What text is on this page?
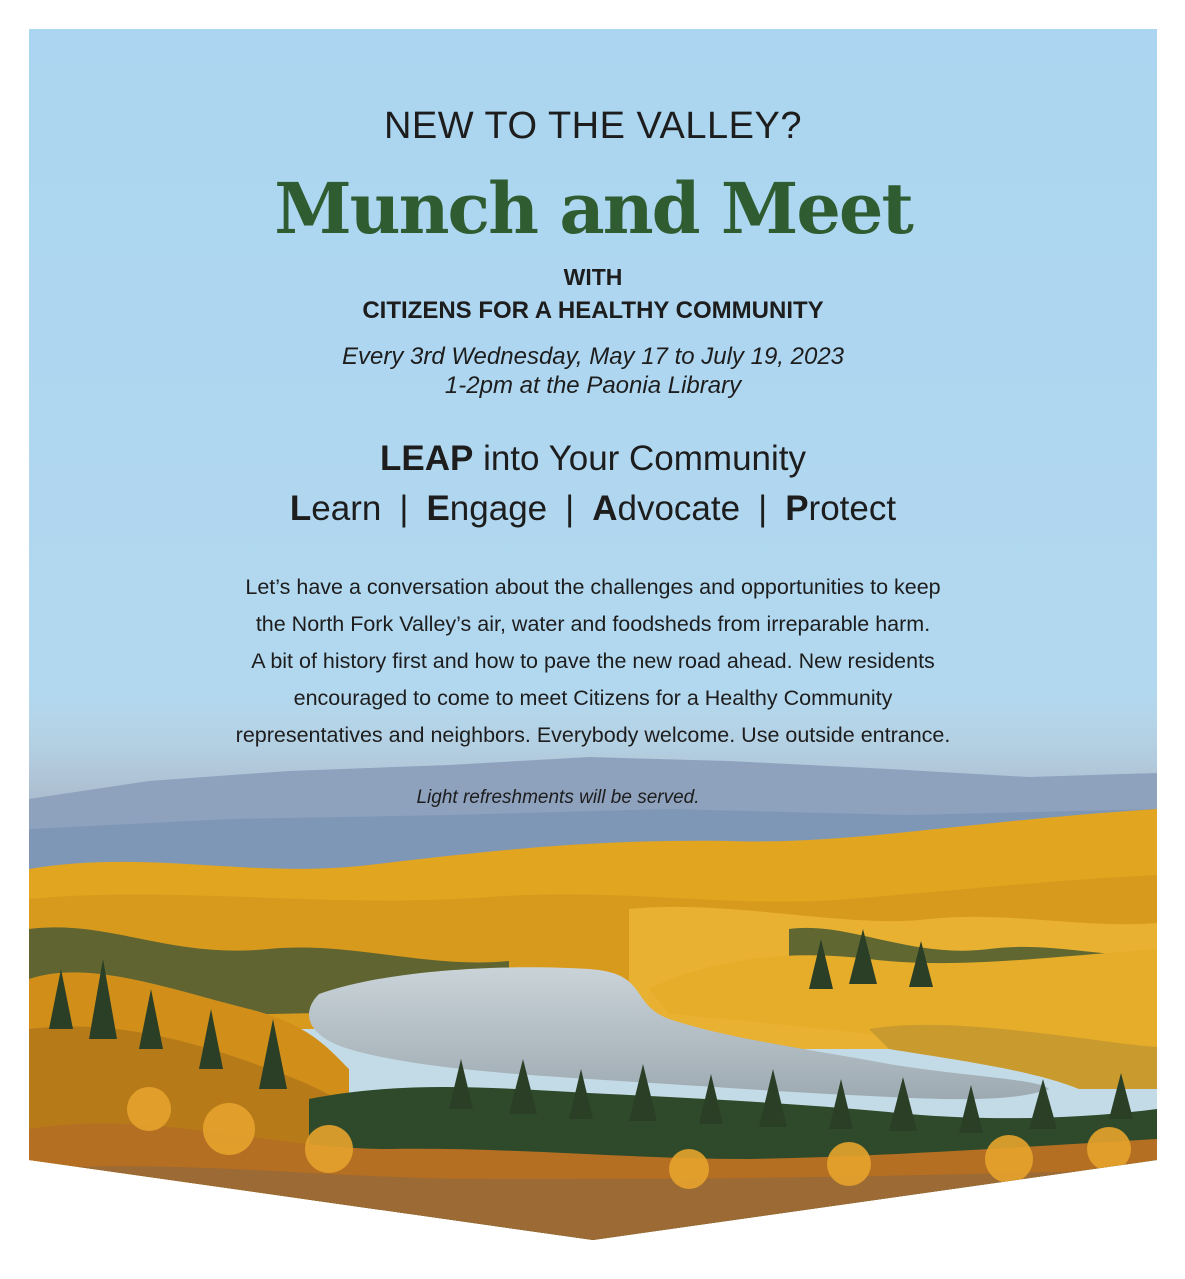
NEW TO THE VALLEY?

Munch and Meet

WITH

CITIZENS FOR A HEALTHY COMMUNITY

Every 3rd Wednesday, May 17 to July 19, 2023

1-2pm at the Paonia Library

LEAP into Your Community

Learn | Engage | Advocate | Protect

Let’s have a conversation about the challenges and opportunities to keep
the North Fork Valley’s air, water and foodsheds from irreparable harm.
A bit of history first and how to pave the new road ahead. New residents
encouraged to come to meet Citizens for a Healthy Community
representatives and neighbors. Everybody welcome. Use outside entrance.

Light refreshments will be served.
